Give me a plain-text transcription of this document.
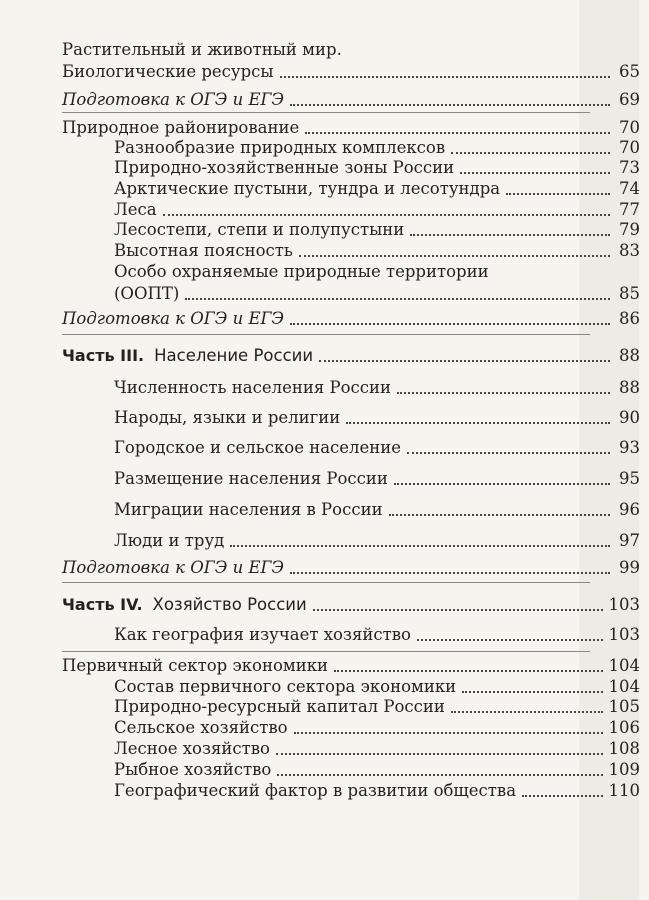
Растительный и животный мир.
Биологические ресурсы	65
Подготовка к ОГЭ и ЕГЭ	69
Природное районирование	70
Разнообразие природных комплексов	70
Природно-хозяйственные зоны России	73
Арктические пустыни, тундра и лесотундра	74
Леса	77
Лесостепи, степи и полупустыни	79
Высотная поясность	83
Особо охраняемые природные территории
(ООПТ)	85
Подготовка к ОГЭ и ЕГЭ	86
Часть III. Население России	88
Численность населения России	88
Народы, языки и религии	90
Городское и сельское население	93
Размещение населения России	95
Миграции населения в России	96
Люди и труд	97
Подготовка к ОГЭ и ЕГЭ	99
Часть IV. Хозяйство России	103
Как география изучает хозяйство	103
Первичный сектор экономики	104
Состав первичного сектора экономики	104
Природно-ресурсный капитал России	105
Сельское хозяйство	106
Лесное хозяйство	108
Рыбное хозяйство	109
Географический фактор в развитии общества	110
